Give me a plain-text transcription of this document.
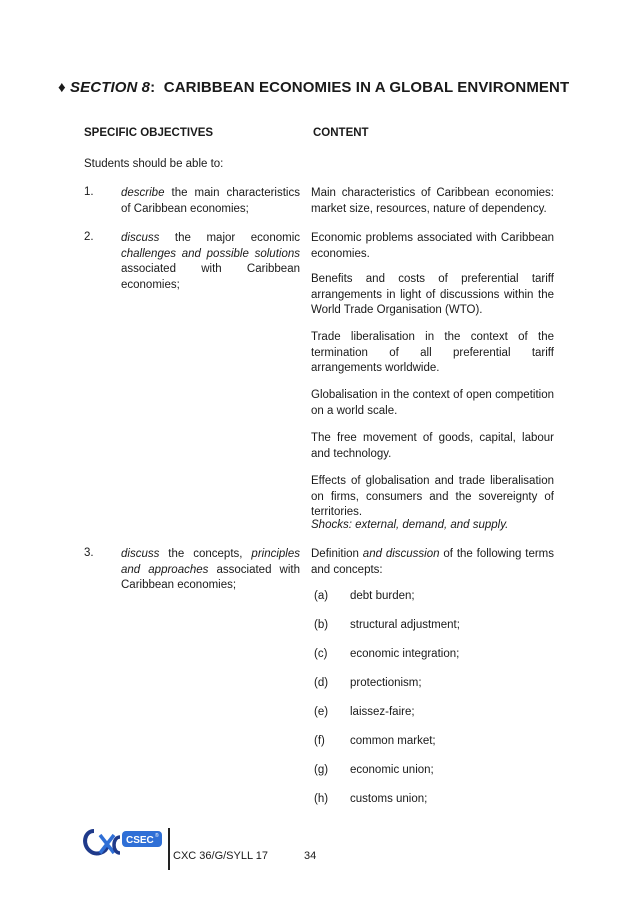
♦ SECTION 8: CARIBBEAN ECONOMIES IN A GLOBAL ENVIRONMENT
SPECIFIC OBJECTIVES	CONTENT
Students should be able to:
1. describe the main characteristics of Caribbean economies;
2. discuss the major economic challenges and possible solutions associated with Caribbean economies;
3. discuss the concepts, principles and approaches associated with Caribbean economies;
Main characteristics of Caribbean economies: market size, resources, nature of dependency.
Economic problems associated with Caribbean economies.
Benefits and costs of preferential tariff arrangements in light of discussions within the World Trade Organisation (WTO).
Trade liberalisation in the context of the termination of all preferential tariff arrangements worldwide.
Globalisation in the context of open competition on a world scale.
The free movement of goods, capital, labour and technology.
Effects of globalisation and trade liberalisation on firms, consumers and the sovereignty of territories.
Shocks: external, demand, and supply.
Definition and discussion of the following terms and concepts:
(a) debt burden;
(b) structural adjustment;
(c) economic integration;
(d) protectionism;
(e) laissez-faire;
(f) common market;
(g) economic union;
(h) customs union;
CSEC ®
CXC 36/G/SYLL 17	34
